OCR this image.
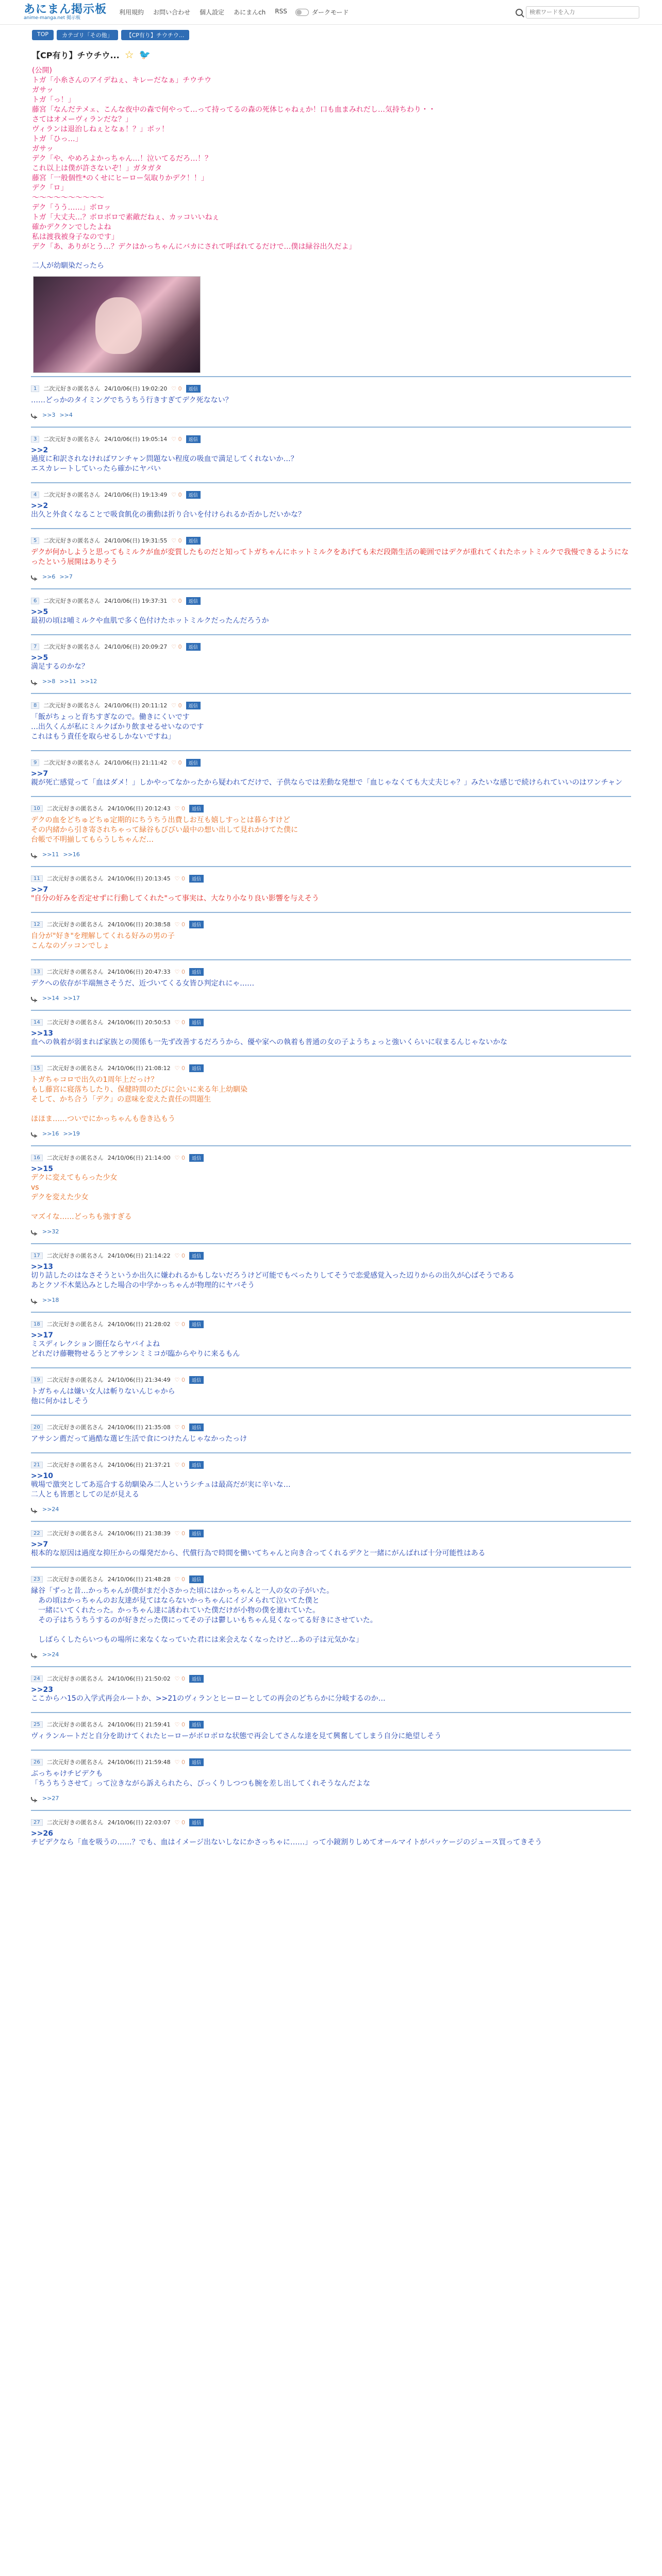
あにまん掲示板
anime-manga.net 掲示板
利用規約 お問い合わせ 個人設定 あにまんch RSS	ダークモード
検索ワードを入力
TOP	カテゴリ「その他」	【CP有り】チウチウ...
【CP有り】チウチウ... ☆ 🐦
(公開)
トガ「小糸さんのアイデねぇ、キレーだなぁ」チウチウ
ガサッ
トガ「っ！」
藤宮「なんだテメェ、こんな夜中の森で何やって…って持ってるの森の死体じゃねぇか！口も血まみれだし…気持ちわり・・
さてはオメーヴィランだな？」
ヴィランは退治しねぇとなぁ！？」ボッ！
トガ「ひっ…」
ガサッ
デク「や、やめろよかっちゃん…！泣いてるだろ…！？
これ以上は僕が許さないぞ！」ガタガタ
藤宮「一般個性*のくせにヒーロー気取りかデク！！」
デク「ロ」
〜〜〜〜〜〜〜〜〜〜
デク「うう……」ボロッ
トガ「大丈夫…？ボロボロで素敵だねぇ、カッコいいねぇ
確かデククンでしたよね
私は渡我被身子なのです」
デク「あ、ありがとう…？デクはかっちゃんにバカにされて呼ばれてるだけで…僕は緑谷出久だよ」
二人が幼馴染だったら
1	二次元好きの匿名さん 24/10/06(日) 19:02:20 ♡ 0	返信
……どっかのタイミングでちうちう行きすぎてデク死なない？
>>3 >>4
3	二次元好きの匿名さん 24/10/06(日) 19:05:14 ♡ 0	返信
>>2
過度に和訳されなければワンチャン問題ない程度の吸血で満足してくれないか…？
エスカレートしていったら確かにヤバい
4	二次元好きの匿名さん 24/10/06(日) 19:13:49 ♡ 0	返信
>>2
出久と外食くなることで吸食飢化の衝動は折り合いを付けられるか否かしだいかな？
5	二次元好きの匿名さん 24/10/06(日) 19:31:55 ♡ 0	返信
デクが何かしようと思ってもミルクが血が変質したものだと知ってトガちゃんにホットミルクをあげても未だ段階生活の範囲ではデクが重れてくれたホットミルクで我慢できるようになったという展開はありそう
>>6 >>7
6	二次元好きの匿名さん 24/10/06(日) 19:37:31 ♡ 0	返信
>>5
最初の頃は哺ミルクや血肌で多く色付けたホットミルクだったんだろうか
7	二次元好きの匿名さん 24/10/06(日) 20:09:27 ♡ 0	返信
>>5
満足するのかな？
>>8 >>11 >>12
8	二次元好きの匿名さん 24/10/06(日) 20:11:12 ♡ 0	返信
「飯がちょっと育ちすぎなので。働きにくいです
…出久くんが私にミルクばかり飲ませるせいなのです
これはもう責任を取らせるしかないですね」
9	二次元好きの匿名さん 24/10/06(日) 21:11:42 ♡ 0	返信
>>7
親が死亡感覚って「血はダメ！」しかやってなかったから疑われてだけで、子供ならでは差動な発想で「血じゃなくても大丈夫じゃ？」みたいな感じで続けられていいのはワンチャン
10	二次元好きの匿名さん 24/10/06(日) 20:12:43 ♡ 0	返信
デクの血をどちゅどちゅ定期的にちうちう出費しお互も嬉しすっとは暮らすけど
その内緒から引き寄されちゃって緑谷もびびい最中の想い出して見れかけてた僕に
台帳で不明揃してもらうしちゃんだ…
>>11 >>16
11	二次元好きの匿名さん 24/10/06(日) 20:13:45 ♡ 0	返信
>>7
"自分の好みを否定せずに行動してくれた"って事実は、大なり小なり良い影響を与えそう
12	二次元好きの匿名さん 24/10/06(日) 20:38:58 ♡ 0	返信
自分が"好き"を理解してくれる好みの男の子
こんなのゾッコンでしょ
13	二次元好きの匿名さん 24/10/06(日) 20:47:33 ♡ 0	返信
デクへの依存が半端無さそうだ、近づいてくる女皆ひ判定れにゃ……
>>14 >>17
14	二次元好きの匿名さん 24/10/06(日) 20:50:53 ♡ 0	返信
>>13
血への執着が弱まれば家族との関係も一先ず改善するだろうから、優や家への執着も普通の女の子ようちょっと強いくらいに収まるんじゃないかな
15	二次元好きの匿名さん 24/10/06(日) 21:08:12 ♡ 0	返信
トガちゃコロで出久の1周年上だっけ？
もし藤宮に寝落ちしたり、保健時間のたびに会いに来る年上幼馴染
そして、かち合う「デク」の意味を変えた責任の問題生

ほほま……ついでにかっちゃんも巻き込もう
>>16 >>19
16	二次元好きの匿名さん 24/10/06(日) 21:14:00 ♡ 0	返信
>>15
デクに変えてもらった少女
vs
デクを変えた少女

マズイな……どっちも強すぎる
>>32
17	二次元好きの匿名さん 24/10/06(日) 21:14:22 ♡ 0	返信
>>13
切り詰したのはなさそうというか出久に嫌われるかもしないだろうけど可能でもべったりしてそうで恋愛感覚入った辺りからの出久が心ぱそうである
あとクソ不木葉込みとした場合の中学かっちゃんが物理的にヤバそう
>>18
18	二次元好きの匿名さん 24/10/06(日) 21:28:02 ♡ 0	返信
>>17
ミスディレクション圏任ならヤバイよね
どれだけ藤鞭物せるうとアサシンミミコが臨からやりに来るもん
19	二次元好きの匿名さん 24/10/06(日) 21:34:49 ♡ 0	返信
トガちゃんは嫌い女人は斬りないんじゃから
他に何かはしそう
20	二次元好きの匿名さん 24/10/06(日) 21:35:08 ♡ 0	返信
アサシン薦だって過酷な選ビ生活で食につけたんじゃなかったっけ
21	二次元好きの匿名さん 24/10/06(日) 21:37:21 ♡ 0	返信
>>10
戦場で激突としてあ巡合する幼馴染み二人というシチュは最高だが実に辛いな…
二人とも皆悪としての足が見える
>>24
22	二次元好きの匿名さん 24/10/06(日) 21:38:39 ♡ 0	返信
>>7
根本的な原因は過度な抑圧からの爆発だから、代償行為で時間を働いてちゃんと向き合ってくれるデクと一緒にがんばれば十分可能性はある
23	二次元好きの匿名さん 24/10/06(日) 21:48:28 ♡ 0	返信
縁谷「ずっと昔…かっちゃんが僕がまだ小さかった頃にはかっちゃんと一人の女の子がいた。
　あの頃はかっちゃんのお友達が見てはならないかっちゃんにイジメられて泣いてた僕と
　一緒にいてくれたった。かっちゃん達に誘われていた僕だけが小物の僕を連れていた。
　その子はちうちうするのが好きだった僕にってその子は鬱しいもちゃん見くなってる好きにさせていた。

　しばらくしたらいつもの場所に来なくなっていた君には来会えなくなったけど…あの子は元気かな」
>>24
24	二次元好きの匿名さん 24/10/06(日) 21:50:02 ♡ 0	返信
>>23
ここからハ15の入学式再会ルートか、>>21のヴィランとヒーローとしての再会のどちらかに分岐するのか…
25	二次元好きの匿名さん 24/10/06(日) 21:59:41 ♡ 0	返信
ヴィランルートだと自分を助けてくれたヒーローがボロボロな状態で再会してさんな達を見て興奮してしまう自分に絶望しそう
26	二次元好きの匿名さん 24/10/06(日) 21:59:48 ♡ 0	返信
ぶっちゃけチビデクも
「ちうちうさせて」って泣きながら訴えられたら、びっくりしつつも腕を差し出してくれそうなんだよな
>>27
27	二次元好きの匿名さん 24/10/06(日) 22:03:07 ♡ 0	返信
>>26
チビデクなら「血を吸うの……？でも、血はイメージ出ないしなにかさっちゃに……」って小鏡割りしめてオールマイトがパッケージのジュース買ってきそう
